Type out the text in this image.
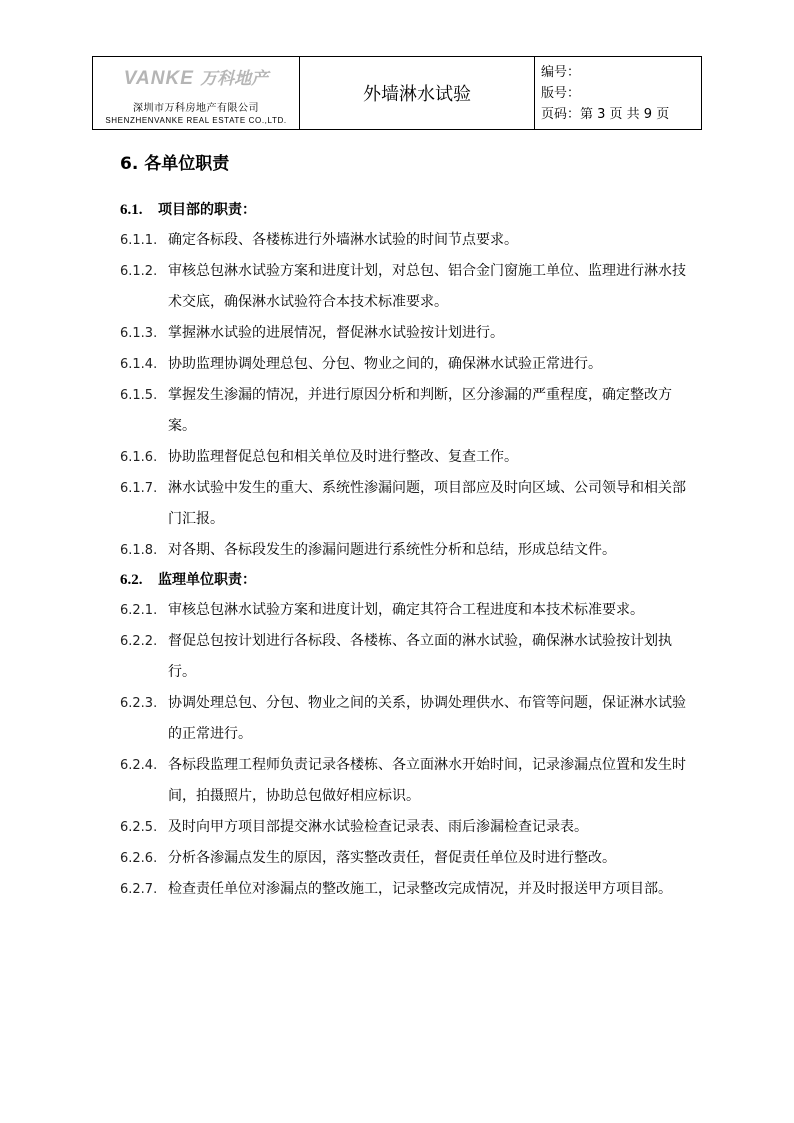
VANKE 万科地产
深圳市万科房地产有限公司
SHENZHENVANKE REAL ESTATE CO.,LTD.
	外墙淋水试验	
编号：
版号：
页码：第 3 页 共 9 页
6. 各单位职责
6.1. 项目部的职责：
6.1.1. 确定各标段、各楼栋进行外墙淋水试验的时间节点要求。
6.1.2. 审核总包淋水试验方案和进度计划，对总包、铝合金门窗施工单位、监理进行淋水技术交底，确保淋水试验符合本技术标准要求。
6.1.3. 掌握淋水试验的进展情况，督促淋水试验按计划进行。
6.1.4. 协助监理协调处理总包、分包、物业之间的，确保淋水试验正常进行。
6.1.5. 掌握发生渗漏的情况，并进行原因分析和判断，区分渗漏的严重程度，确定整改方案。
6.1.6. 协助监理督促总包和相关单位及时进行整改、复查工作。
6.1.7. 淋水试验中发生的重大、系统性渗漏问题，项目部应及时向区域、公司领导和相关部门汇报。
6.1.8. 对各期、各标段发生的渗漏问题进行系统性分析和总结，形成总结文件。
6.2. 监理单位职责：
6.2.1. 审核总包淋水试验方案和进度计划，确定其符合工程进度和本技术标准要求。
6.2.2. 督促总包按计划进行各标段、各楼栋、各立面的淋水试验，确保淋水试验按计划执行。
6.2.3. 协调处理总包、分包、物业之间的关系，协调处理供水、布管等问题，保证淋水试验的正常进行。
6.2.4. 各标段监理工程师负责记录各楼栋、各立面淋水开始时间，记录渗漏点位置和发生时间，拍摄照片，协助总包做好相应标识。
6.2.5. 及时向甲方项目部提交淋水试验检查记录表、雨后渗漏检查记录表。
6.2.6. 分析各渗漏点发生的原因，落实整改责任，督促责任单位及时进行整改。
6.2.7. 检查责任单位对渗漏点的整改施工，记录整改完成情况，并及时报送甲方项目部。
